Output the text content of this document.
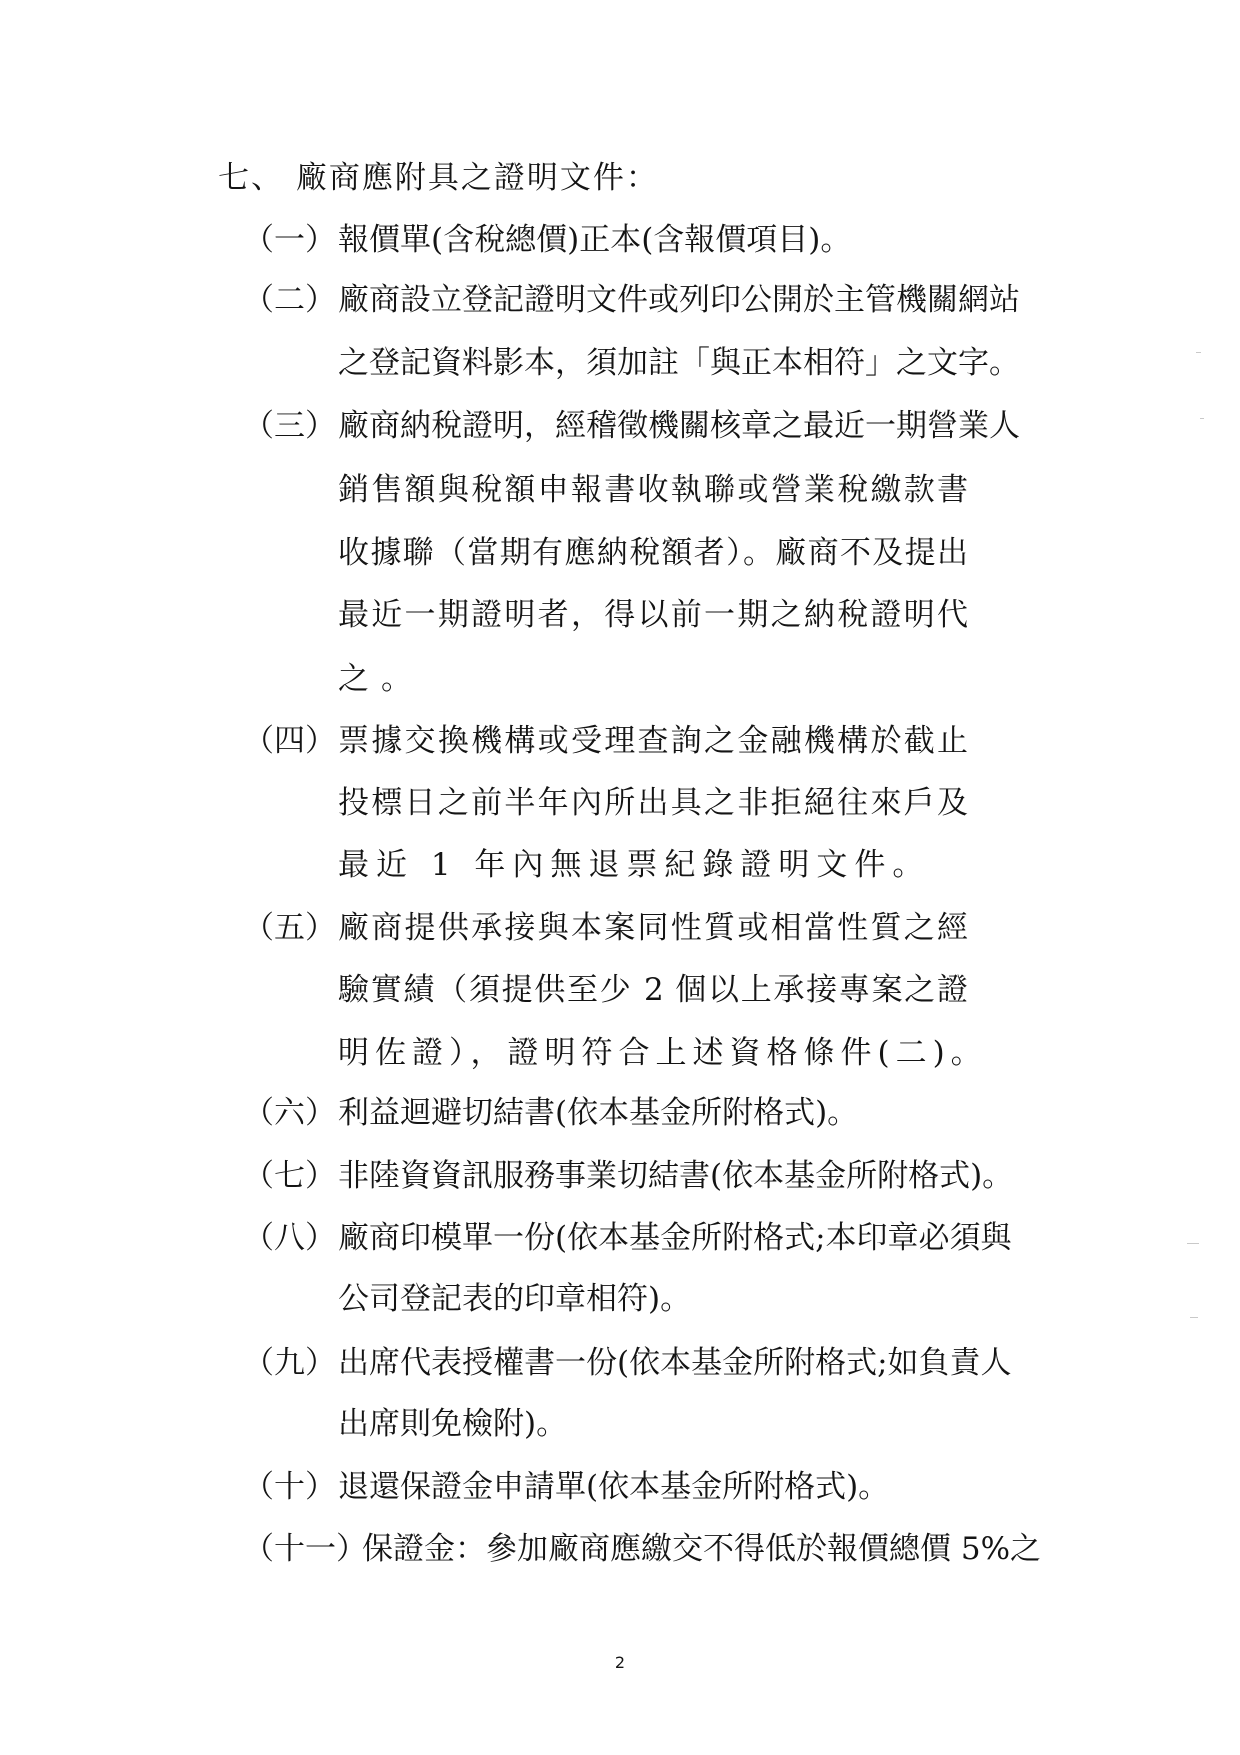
七、 廠商應附具之證明文件：
（一） 報價單(含稅總價)正本(含報價項目)。
（二） 廠商設立登記證明文件或列印公開於主管機關網站
之登記資料影本，須加註「與正本相符」之文字。
（三） 廠商納稅證明，經稽徵機關核章之最近一期營業人
銷售額與稅額申報書收執聯或營業稅繳款書
收據聯（當期有應納稅額者）。廠商不及提出
最近一期證明者，得以前一期之納稅證明代
之。
（四） 票據交換機構或受理查詢之金融機構於截止
投標日之前半年內所出具之非拒絕往來戶及
最近 1 年內無退票紀錄證明文件。
（五） 廠商提供承接與本案同性質或相當性質之經
驗實績（須提供至少 2 個以上承接專案之證
明佐證），證明符合上述資格條件(二)。
（六） 利益迴避切結書(依本基金所附格式)。
（七） 非陸資資訊服務事業切結書(依本基金所附格式)。
（八） 廠商印模單一份(依本基金所附格式;本印章必須與
公司登記表的印章相符)。
（九） 出席代表授權書一份(依本基金所附格式;如負責人
出席則免檢附)。
（十） 退還保證金申請單(依本基金所附格式)。
（十一）
保證金：參加廠商應繳交不得低於報價總價 5%之
2
